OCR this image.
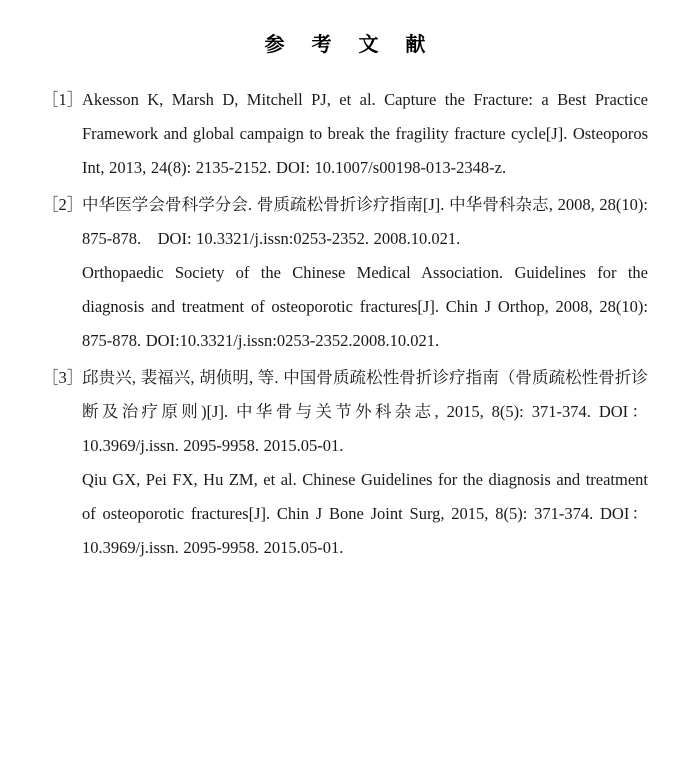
参 考 文 献
［1］

Akesson K, Marsh D, Mitchell PJ, et al. Capture the Fracture: a Best Practice Framework and global campaign to break the fragility fracture cycle[J]. Osteoporos Int, 2013, 24(8): 2135-2152. DOI: 10.1007/s00198-013-2348-z.

［2］

中华医学会骨科学分会. 骨质疏松骨折诊疗指南[J]. 中华骨科杂志, 2008, 28(10): 875‑878.　DOI: 10.3321/j.issn:0253‑2352. 2008.10.021.

Orthopaedic Society of the Chinese Medical Association. Guidelines for the diagnosis and treatment of osteoporotic fractures[J]. Chin J Orthop, 2008, 28(10): 875-878. DOI:10.3321/j.issn:0253-2352.2008.10.021.

［3］

邱贵兴, 裴福兴, 胡侦明, 等. 中国骨质疏松性骨折诊疗指南（骨质疏松性骨折诊断及治疗原则)[J]. 中华骨与关节外科杂志, 2015, 8(5): 371‑374. DOI：10.3969/j.issn. 2095‑9958. 2015.05-01.

Qiu GX, Pei FX, Hu ZM, et al. Chinese Guidelines for the diagnosis and treatment of osteoporotic fractures[J]. Chin J Bone Joint Surg, 2015, 8(5): 371‑374. DOI：10.3969/j.issn. 2095‑9958. 2015.05-01.
